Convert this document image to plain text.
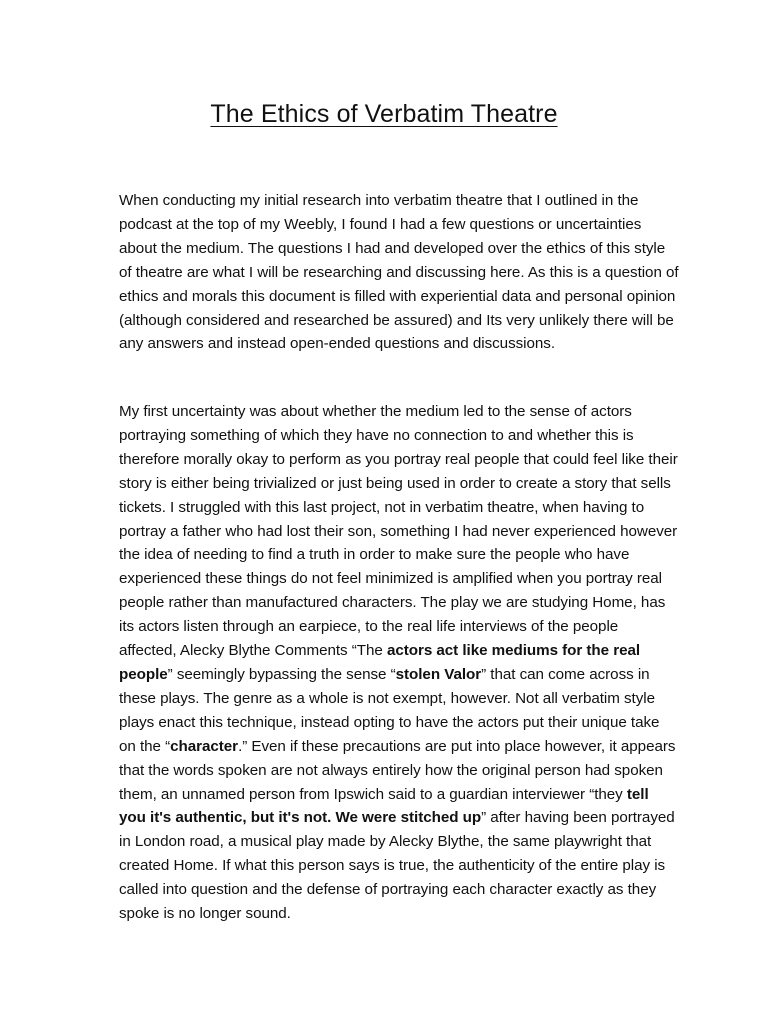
The Ethics of Verbatim Theatre

When conducting my initial research into verbatim theatre that I outlined in the podcast at the top of my Weebly, I found I had a few questions or uncertainties about the medium. The questions I had and developed over the ethics of this style of theatre are what I will be researching and discussing here. As this is a question of ethics and morals this document is filled with experiential data and personal opinion (although considered and researched be assured) and Its very unlikely there will be any answers and instead open-ended questions and discussions.

My first uncertainty was about whether the medium led to the sense of actors portraying something of which they have no connection to and whether this is therefore morally okay to perform as you portray real people that could feel like their story is either being trivialized or just being used in order to create a story that sells tickets. I struggled with this last project, not in verbatim theatre, when having to portray a father who had lost their son, something I had never experienced however the idea of needing to find a truth in order to make sure the people who have experienced these things do not feel minimized is amplified when you portray real people rather than manufactured characters. The play we are studying Home, has its actors listen through an earpiece, to the real life interviews of the people affected, Alecky Blythe Comments “The actors act like mediums for the real people” seemingly bypassing the sense “stolen Valor” that can come across in these plays. The genre as a whole is not exempt, however. Not all verbatim style plays enact this technique, instead opting to have the actors put their unique take on the “character.” Even if these precautions are put into place however, it appears that the words spoken are not always entirely how the original person had spoken them, an unnamed person from Ipswich said to a guardian interviewer “they tell you it's authentic, but it's not. We were stitched up” after having been portrayed in London road, a musical play made by Alecky Blythe, the same playwright that created Home. If what this person says is true, the authenticity of the entire play is called into question and the defense of portraying each character exactly as they spoke is no longer sound.
